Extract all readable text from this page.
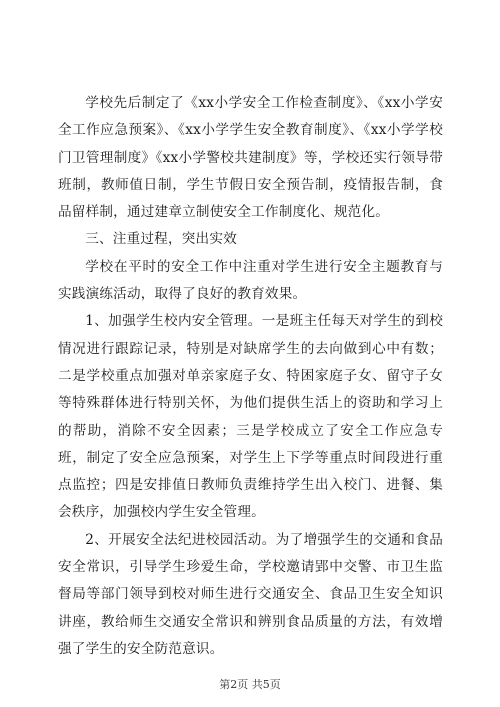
学校先后制定了《xx小学安全工作检查制度》、《xx小学安全工作应急预案》、《xx小学学生安全教育制度》、《xx小学学校门卫管理制度》《xx小学警校共建制度》等，学校还实行领导带班制，教师值日制，学生节假日安全预告制，疫情报告制，食品留样制，通过建章立制使安全工作制度化、规范化。

三、注重过程，突出实效

学校在平时的安全工作中注重对学生进行安全主题教育与实践演练活动，取得了良好的教育效果。

1、加强学生校内安全管理。一是班主任每天对学生的到校情况进行跟踪记录，特别是对缺席学生的去向做到心中有数；二是学校重点加强对单亲家庭子女、特困家庭子女、留守子女等特殊群体进行特别关怀，为他们提供生活上的资助和学习上的帮助，消除不安全因素；三是学校成立了安全工作应急专班，制定了安全应急预案，对学生上下学等重点时间段进行重点监控；四是安排值日教师负责维持学生出入校门、进餐、集会秩序，加强校内学生安全管理。

2、开展安全法纪进校园活动。为了增强学生的交通和食品安全常识，引导学生珍爱生命，学校邀请郢中交警、市卫生监督局等部门领导到校对师生进行交通安全、食品卫生安全知识讲座，教给师生交通安全常识和辨别食品质量的方法，有效增强了学生的安全防范意识。

第2页 共5页
